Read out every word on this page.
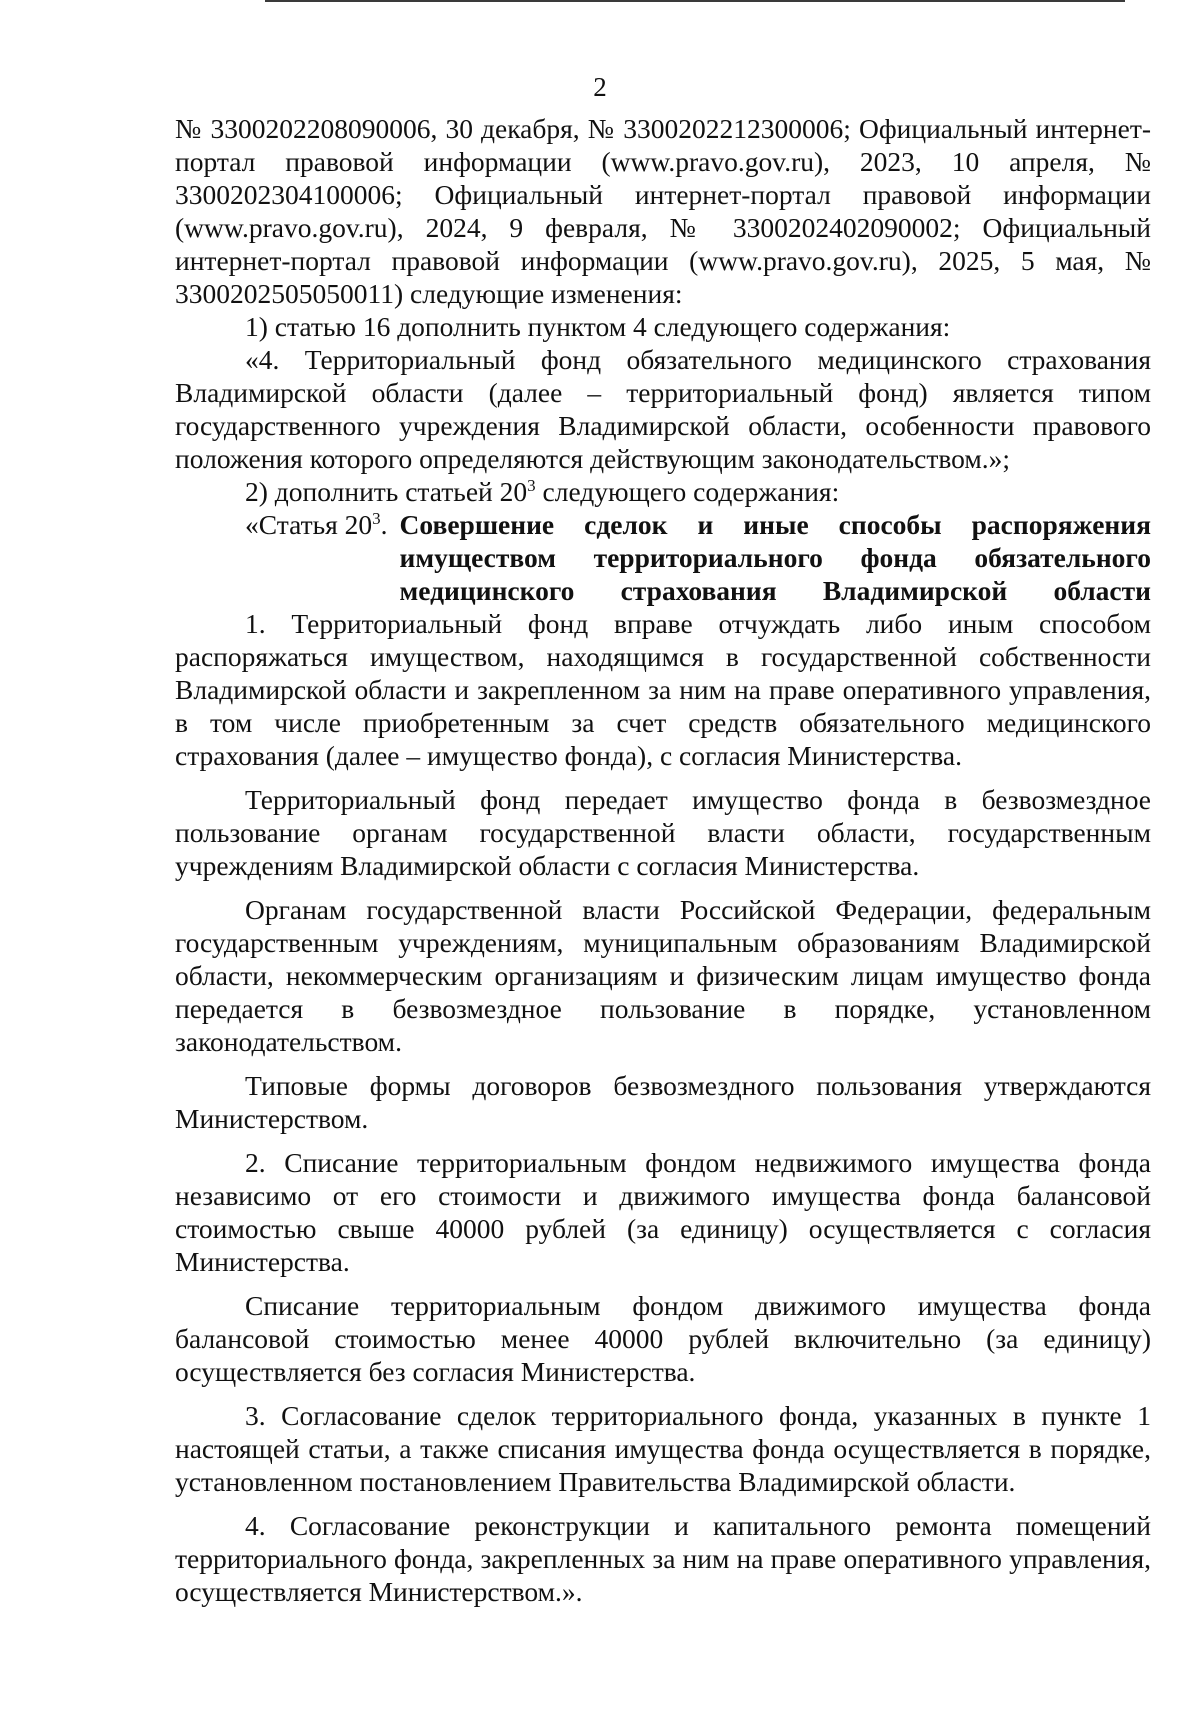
2

№ 3300202208090006, 30 декабря, № 3300202212300006; Официальный интернет-портал правовой информации (www.pravo.gov.ru), 2023, 10 апреля, № 3300202304100006; Официальный интернет-портал правовой информации (www.pravo.gov.ru), 2024, 9 февраля, № 3300202402090002; Официальный интернет-портал правовой информации (www.pravo.gov.ru), 2025, 5 мая, № 3300202505050011) следующие изменения:

1) статью 16 дополнить пунктом 4 следующего содержания:

«4. Территориальный фонд обязательного медицинского страхования Владимирской области (далее – территориальный фонд) является типом государственного учреждения Владимирской области, особенности правового положения которого определяются действующим законодательством.»;

2) дополнить статьей $20^3$ следующего содержания:

«Статья $20^3$. Совершение сделок и иные способы распоряжения имуществом территориального фонда обязательного медицинского страхования Владимирской области

1. Территориальный фонд вправе отчуждать либо иным способом распоряжаться имуществом, находящимся в государственной собственности Владимирской области и закрепленном за ним на праве оперативного управления, в том числе приобретенным за счет средств обязательного медицинского страхования (далее – имущество фонда), с согласия Министерства.

Территориальный фонд передает имущество фонда в безвозмездное пользование органам государственной власти области, государственным учреждениям Владимирской области с согласия Министерства.

Органам государственной власти Российской Федерации, федеральным государственным учреждениям, муниципальным образованиям Владимирской области, некоммерческим организациям и физическим лицам имущество фонда передается в безвозмездное пользование в порядке, установленном законодательством.

Типовые формы договоров безвозмездного пользования утверждаются Министерством.

2. Списание территориальным фондом недвижимого имущества фонда независимо от его стоимости и движимого имущества фонда балансовой стоимостью свыше 40000 рублей (за единицу) осуществляется с согласия Министерства.

Списание территориальным фондом движимого имущества фонда балансовой стоимостью менее 40000 рублей включительно (за единицу) осуществляется без согласия Министерства.

3. Согласование сделок территориального фонда, указанных в пункте 1 настоящей статьи, а также списания имущества фонда осуществляется в порядке, установленном постановлением Правительства Владимирской области.

4. Согласование реконструкции и капитального ремонта помещений территориального фонда, закрепленных за ним на праве оперативного управления, осуществляется Министерством.».
